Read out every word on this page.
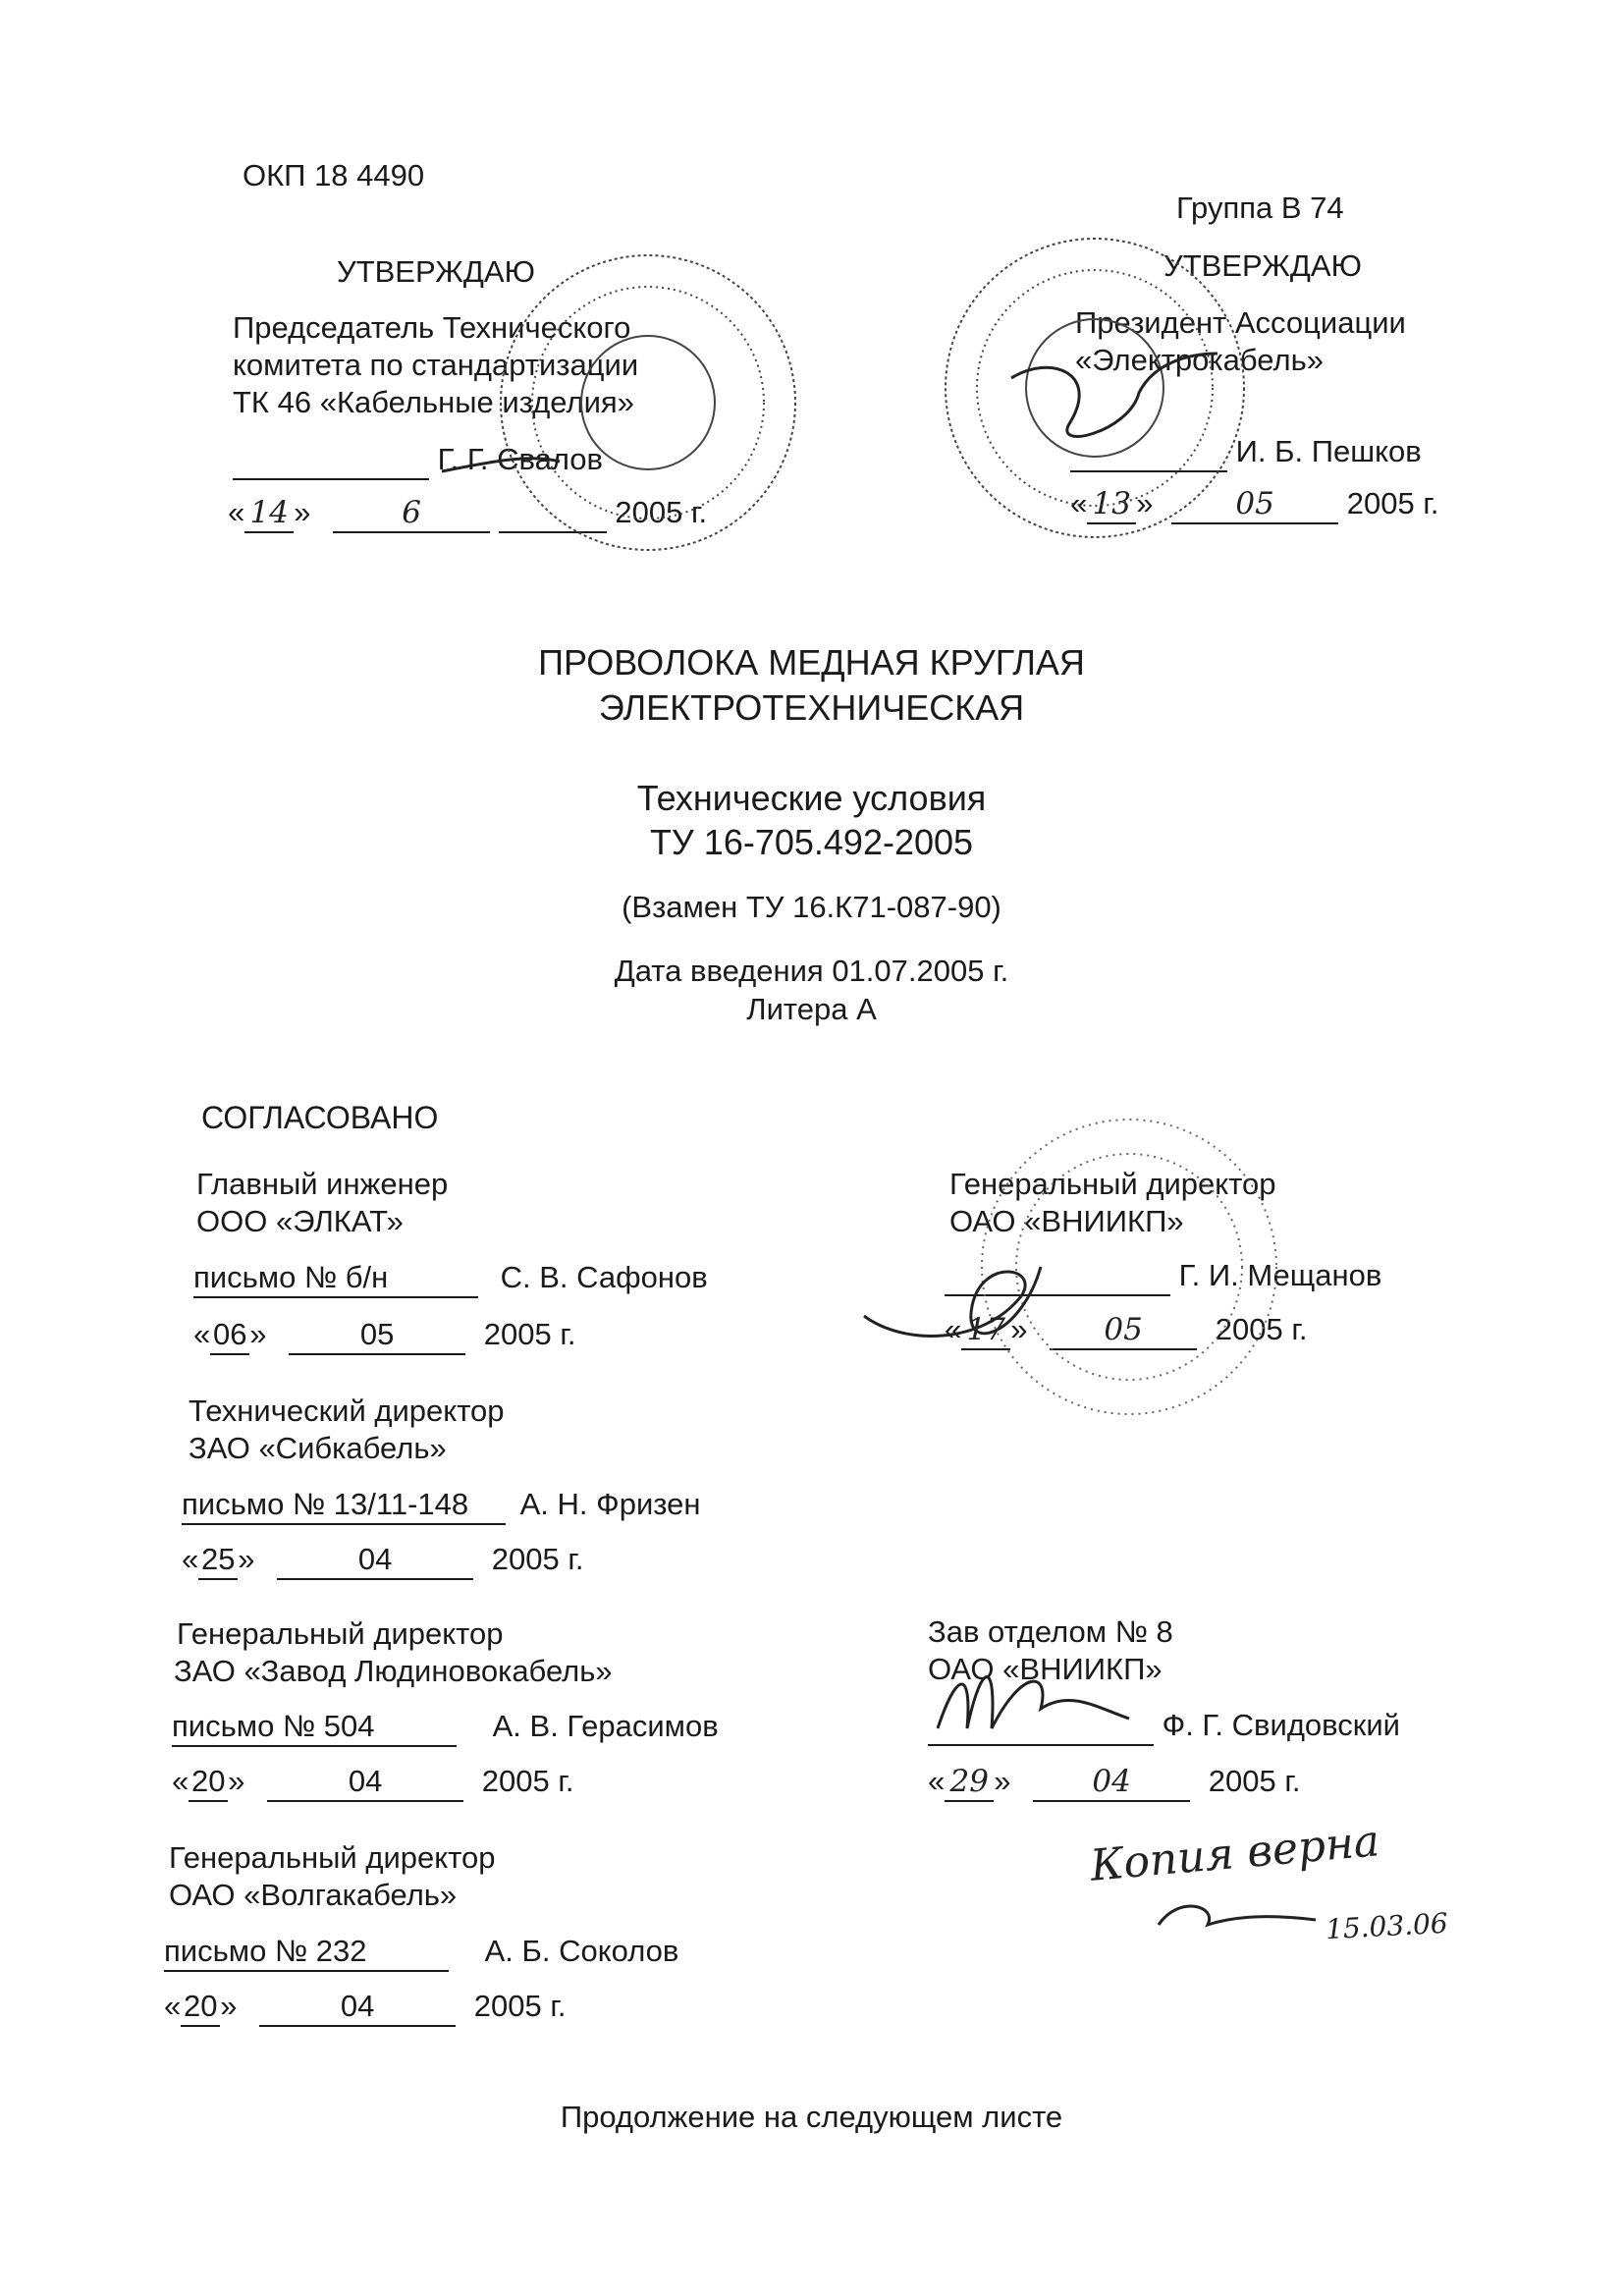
ОКП 18 4490
Группа В 74
УТВЕРЖДАЮ
Председатель Технического
комитета по стандартизации
ТК 46 «Кабельные изделия»
Г. Г. Свалов
« 14 »	6	2005 г.
УТВЕРЖДАЮ
Президент Ассоциации
«Электрокабель»
И. Б. Пешков
« 13 »	05 2005 г.
ПРОВОЛОКА МЕДНАЯ КРУГЛАЯ
ЭЛЕКТРОТЕХНИЧЕСКАЯ
Технические условия
ТУ 16-705.492-2005
(Взамен ТУ 16.К71-087-90)
Дата введения 01.07.2005 г.
Литера А
СОГЛАСОВАНО
Главный инженер
ООО «ЭЛКАТ»
письмо № б/н	С. В. Сафонов
«06»	05	2005 г.
Технический директор
ЗАО «Сибкабель»
письмо № 13/11-148 А. Н. Фризен
«25»	04	2005 г.
Генеральный директор
ЗАО «Завод Людиновокабель»
письмо № 504	А. В. Герасимов
«20»	04	2005 г.
Генеральный директор
ОАО «Волгакабель»
письмо № 232	А. Б. Соколов
«20»	04	2005 г.
Генеральный директор
ОАО «ВНИИКП»
Г. И. Мещанов
« 17 »	05 2005 г.
Зав отделом № 8
ОАО «ВНИИКП»
Ф. Г. Свидовский
« 29 »	04	2005 г.
Копия верна
15.03.06
Продолжение на следующем листе
